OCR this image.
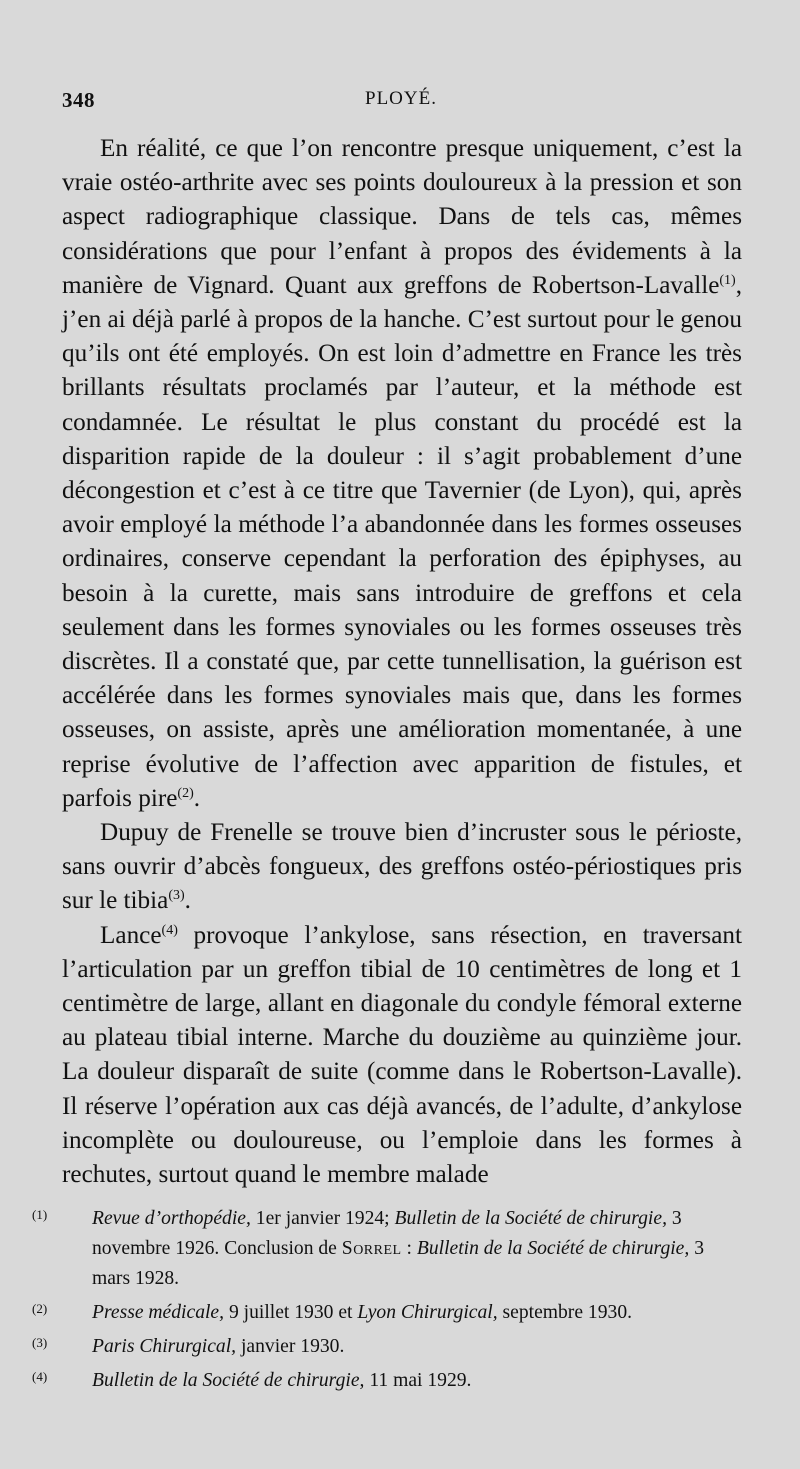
348	PLOYÉ.

En réalité, ce que l’on rencontre presque uniquement, c’est la vraie ostéo-arthrite avec ses points douloureux à la pression et son aspect radiographique classique. Dans de tels cas, mêmes considérations que pour l’enfant à propos des évidements à la manière de Vignard. Quant aux greffons de Robertson-Lavalle$^{(1)}$, j’en ai déjà parlé à propos de la hanche. C’est surtout pour le genou qu’ils ont été employés. On est loin d’admettre en France les très brillants résultats proclamés par l’auteur, et la méthode est condamnée. Le résultat le plus constant du procédé est la disparition rapide de la douleur : il s’agit probablement d’une décongestion et c’est à ce titre que Tavernier (de Lyon), qui, après avoir employé la méthode l’a abandonnée dans les formes osseuses ordinaires, conserve cependant la perforation des épiphyses, au besoin à la curette, mais sans introduire de greffons et cela seulement dans les formes synoviales ou les formes osseuses très discrètes. Il a constaté que, par cette tunnellisation, la guérison est accélérée dans les formes synoviales mais que, dans les formes osseuses, on assiste, après une amélioration momentanée, à une reprise évolutive de l’affection avec apparition de fistules, et parfois pire$^{(2)}$.

Dupuy de Frenelle se trouve bien d’incruster sous le périoste, sans ouvrir d’abcès fongueux, des greffons ostéo-périostiques pris sur le tibia$^{(3)}$.

Lance$^{(4)}$ provoque l’ankylose, sans résection, en traversant l’articulation par un greffon tibial de 10 centimètres de long et 1 centimètre de large, allant en diagonale du condyle fémoral externe au plateau tibial interne. Marche du douzième au quinzième jour. La douleur disparaît de suite (comme dans le Robertson-Lavalle). Il réserve l’opération aux cas déjà avancés, de l’adulte, d’ankylose incomplète ou douloureuse, ou l’emploie dans les formes à rechutes, surtout quand le membre malade

(1) Revue d’orthopédie, 1er janvier 1924; Bulletin de la Société de chirurgie, 3 novembre 1926. Conclusion de Sorrel : Bulletin de la Société de chirurgie, 3 mars 1928.

(2) Presse médicale, 9 juillet 1930 et Lyon Chirurgical, septembre 1930.

(3) Paris Chirurgical, janvier 1930.

(4) Bulletin de la Société de chirurgie, 11 mai 1929.
